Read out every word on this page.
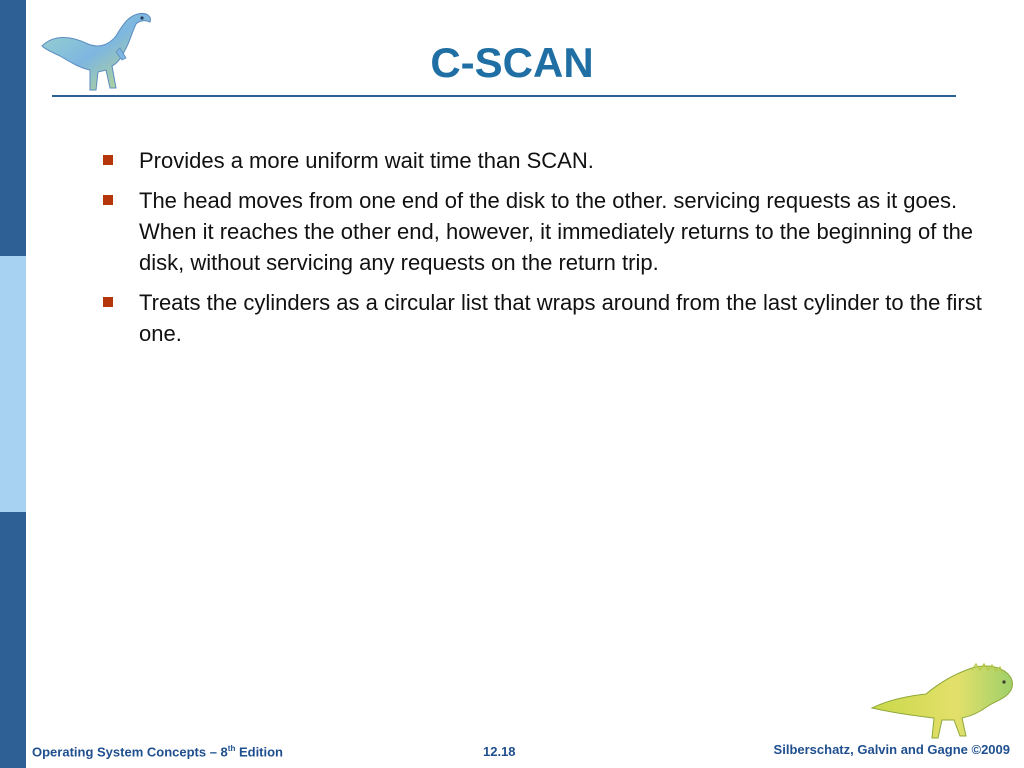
C-SCAN
Provides a more uniform wait time than SCAN.
The head moves from one end of the disk to the other. servicing requests as it goes. When it reaches the other end, however, it immediately returns to the beginning of the disk, without servicing any requests on the return trip.
Treats the cylinders as a circular list that wraps around from the last cylinder to the first one.
Operating System Concepts – 8th Edition	12.18	Silberschatz, Galvin and Gagne ©2009
